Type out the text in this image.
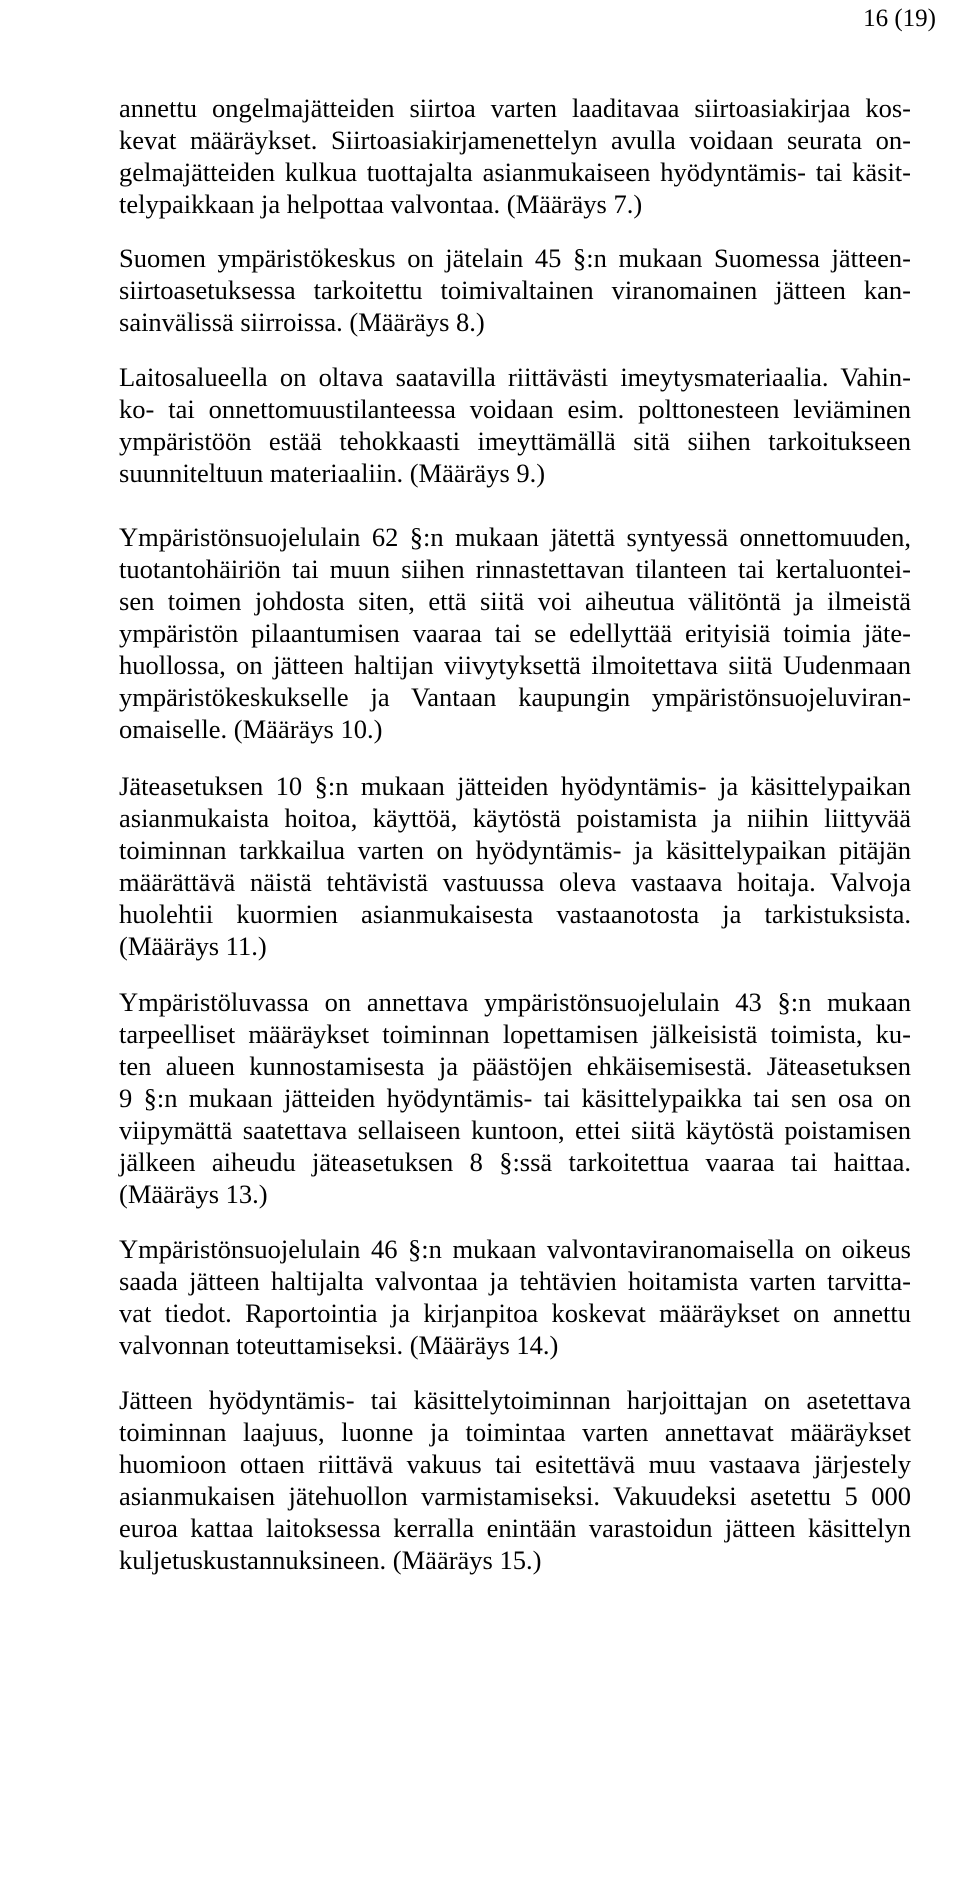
16 (19)
annettu ongelmajätteiden siirtoa varten laaditavaa siirtoasiakirjaa kos-
kevat määräykset. Siirtoasiakirjamenettelyn avulla voidaan seurata on-
gelmajätteiden kulkua tuottajalta asianmukaiseen hyödyntämis- tai käsit-
telypaikkaan ja helpottaa valvontaa. (Määräys 7.)
Suomen ympäristökeskus on jätelain 45 §:n mukaan Suomessa jätteen-
siirtoasetuksessa tarkoitettu toimivaltainen viranomainen jätteen kan-
sainvälissä siirroissa. (Määräys 8.)
Laitosalueella on oltava saatavilla riittävästi imeytysmateriaalia. Vahin-
ko- tai onnettomuustilanteessa voidaan esim. polttonesteen leviäminen
ympäristöön estää tehokkaasti imeyttämällä sitä siihen tarkoitukseen
suunniteltuun materiaaliin. (Määräys 9.)
Ympäristönsuojelulain 62 §:n mukaan jätettä syntyessä onnettomuuden,
tuotantohäiriön tai muun siihen rinnastettavan tilanteen tai kertaluontei-
sen toimen johdosta siten, että siitä voi aiheutua välitöntä ja ilmeistä
ympäristön pilaantumisen vaaraa tai se edellyttää erityisiä toimia jäte-
huollossa, on jätteen haltijan viivytyksettä ilmoitettava siitä Uudenmaan
ympäristökeskukselle ja Vantaan kaupungin ympäristönsuojeluviran-
omaiselle. (Määräys 10.)
Jäteasetuksen 10 §:n mukaan jätteiden hyödyntämis- ja käsittelypaikan
asianmukaista hoitoa, käyttöä, käytöstä poistamista ja niihin liittyvää
toiminnan tarkkailua varten on hyödyntämis- ja käsittelypaikan pitäjän
määrättävä näistä tehtävistä vastuussa oleva vastaava hoitaja. Valvoja
huolehtii kuormien asianmukaisesta vastaanotosta ja tarkistuksista.
(Määräys 11.)
Ympäristöluvassa on annettava ympäristönsuojelulain 43 §:n mukaan
tarpeelliset määräykset toiminnan lopettamisen jälkeisistä toimista, ku-
ten alueen kunnostamisesta ja päästöjen ehkäisemisestä. Jäteasetuksen
9 §:n mukaan jätteiden hyödyntämis- tai käsittelypaikka tai sen osa on
viipymättä saatettava sellaiseen kuntoon, ettei siitä käytöstä poistamisen
jälkeen aiheudu jäteasetuksen 8 §:ssä tarkoitettua vaaraa tai haittaa.
(Määräys 13.)
Ympäristönsuojelulain 46 §:n mukaan valvontaviranomaisella on oikeus
saada jätteen haltijalta valvontaa ja tehtävien hoitamista varten tarvitta-
vat tiedot. Raportointia ja kirjanpitoa koskevat määräykset on annettu
valvonnan toteuttamiseksi. (Määräys 14.)
Jätteen hyödyntämis- tai käsittelytoiminnan harjoittajan on asetettava
toiminnan laajuus, luonne ja toimintaa varten annettavat määräykset
huomioon ottaen riittävä vakuus tai esitettävä muu vastaava järjestely
asianmukaisen jätehuollon varmistamiseksi. Vakuudeksi asetettu 5 000
euroa kattaa laitoksessa kerralla enintään varastoidun jätteen käsittelyn
kuljetuskustannuksineen. (Määräys 15.)
